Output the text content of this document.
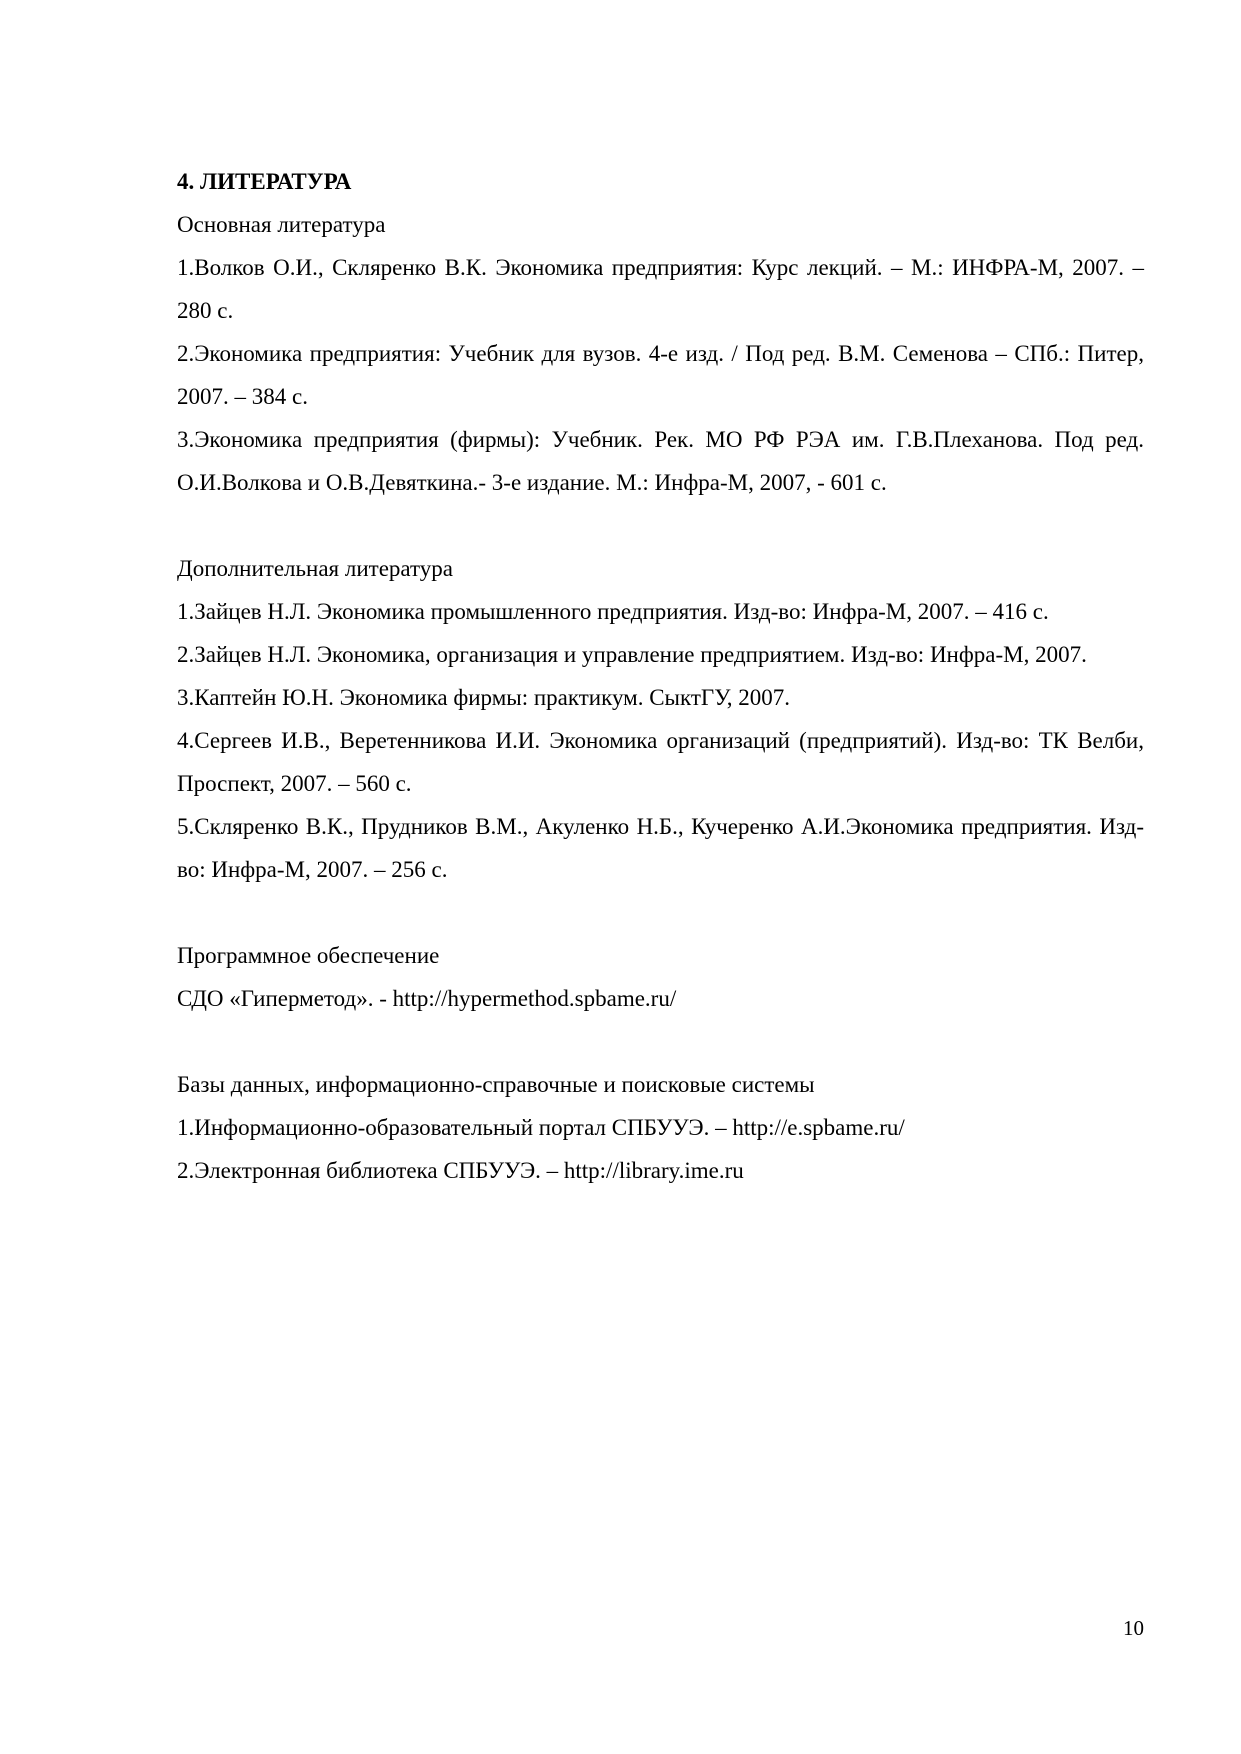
4. ЛИТЕРАТУРА

Основная литература

1.Волков О.И., Скляренко В.К. Экономика предприятия: Курс лекций. – М.: ИНФРА-М, 2007. – 280 с.

2.Экономика предприятия: Учебник для вузов. 4-е изд. / Под ред. В.М. Семенова – СПб.: Питер, 2007. – 384 с.

3.Экономика предприятия (фирмы): Учебник. Рек. МО РФ РЭА им. Г.В.Плеханова. Под ред. О.И.Волкова и О.В.Девяткина.- 3-е издание. М.: Инфра-М, 2007, - 601 с.

Дополнительная литература

1.Зайцев Н.Л. Экономика промышленного предприятия. Изд-во: Инфра-М, 2007. – 416 с.

2.Зайцев Н.Л. Экономика, организация и управление предприятием. Изд-во: Инфра-М, 2007.

3.Каптейн Ю.Н. Экономика фирмы: практикум. СыктГУ, 2007.

4.Сергеев И.В., Веретенникова И.И. Экономика организаций (предприятий). Изд-во: ТК Велби, Проспект, 2007. – 560 с.

5.Скляренко В.К., Прудников В.М., Акуленко Н.Б., Кучеренко А.И.Экономика предприятия. Изд-во: Инфра-М, 2007. – 256 с.

Программное обеспечение

СДО «Гиперметод». - http://hypermethod.spbame.ru/

Базы данных, информационно-справочные и поисковые системы

1.Информационно-образовательный портал СПБУУЭ. – http://e.spbame.ru/

2.Электронная библиотека СПБУУЭ. – http://library.ime.ru

10
